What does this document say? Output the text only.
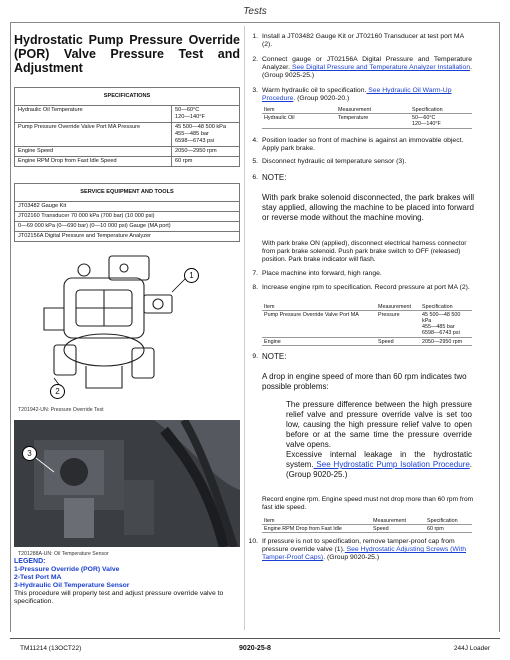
Tests
Hydrostatic Pump Pressure Override (POR) Valve Pressure Test and Adjustment
SPECIFICATIONS	
Hydraulic Oil Temperature	50—60°C
120—140°F

Pump Pressure Override Valve Port MA Pressure	45 500—48 500 kPa
455—485 bar
6598—6743 psi

Engine Speed	2050—2950 rpm
Engine RPM Drop from Fast Idle Speed	60 rpm
SERVICE EQUIPMENT AND TOOLS
JT03482 Gauge Kit
JT02160 Transducer 70 000 kPa (700 bar) (10 000 psi)
0—69 000 kPa (0—690 bar) (0—10 000 psi) Gauge (MA port)
JT02156A Digital Pressure and Temperature Analyzer
1
2
T201942-UN: Pressure Override Test
3
T201288A-UN: Oil Temperature Sensor
LEGEND:
1-Pressure Override (POR) Valve
2-Test Port MA
3-Hydraulic Oil Temperature Sensor
This procedure will properly test and adjust pressure override valve to specification.
1. Install a JT03482 Gauge Kit or JT02160 Transducer at test port MA (2).
2. Connect gauge or JT02156A Digital Pressure and Temperature Analyzer. See Digital Pressure and Temperature Analyzer Installation. (Group 9025-25.)
3. Warm hydraulic oil to specification. See Hydraulic Oil Warm-Up Procedure. (Group 9020-20.)
Item	Measurement	Specification
Hydraulic Oil	Temperature	50—60°C
120—140°F
4. Position loader so front of machine is against an immovable object. Apply park brake.
5. Disconnect hydraulic oil temperature sensor (3).
6. NOTE:
With park brake solenoid disconnected, the park brakes will stay applied, allowing the machine to be placed into forward or reverse mode without the machine moving.
With park brake ON (applied), disconnect electrical harness connector from park brake solenoid. Push park brake switch to OFF (released) position. Park brake indicator will flash.
7. Place machine into forward, high range.
8. Increase engine rpm to specification. Record pressure at port MA (2).
Item	Measurement	Specification
Pump Pressure Override Valve Port MA	Pressure	45 500—48 500 kPa
455—485 bar
6598—6743 psi

Engine	Speed	2050—2950 rpm
9. NOTE:
A drop in engine speed of more than 60 rpm indicates two possible problems:
The pressure difference between the high pressure relief valve and pressure override valve is set too low, causing the high pressure relief valve to open before or at the same time the pressure override valve opens.
Excessive internal leakage in the hydrostatic system. See Hydrostatic Pump Isolation Procedure. (Group 9020-25.)
Record engine rpm. Engine speed must not drop more than 60 rpm from fast idle speed.
Item	Measurement	Specification
Engine RPM Drop from Fast Idle	Speed	60 rpm
10. If pressure is not to specification, remove tamper-proof cap from pressure override valve (1). See Hydrostatic Adjusting Screws (With Tamper-Proof Caps). (Group 9020-25.)
TM11214 (13OCT22)	9020-25-8	244J Loader
